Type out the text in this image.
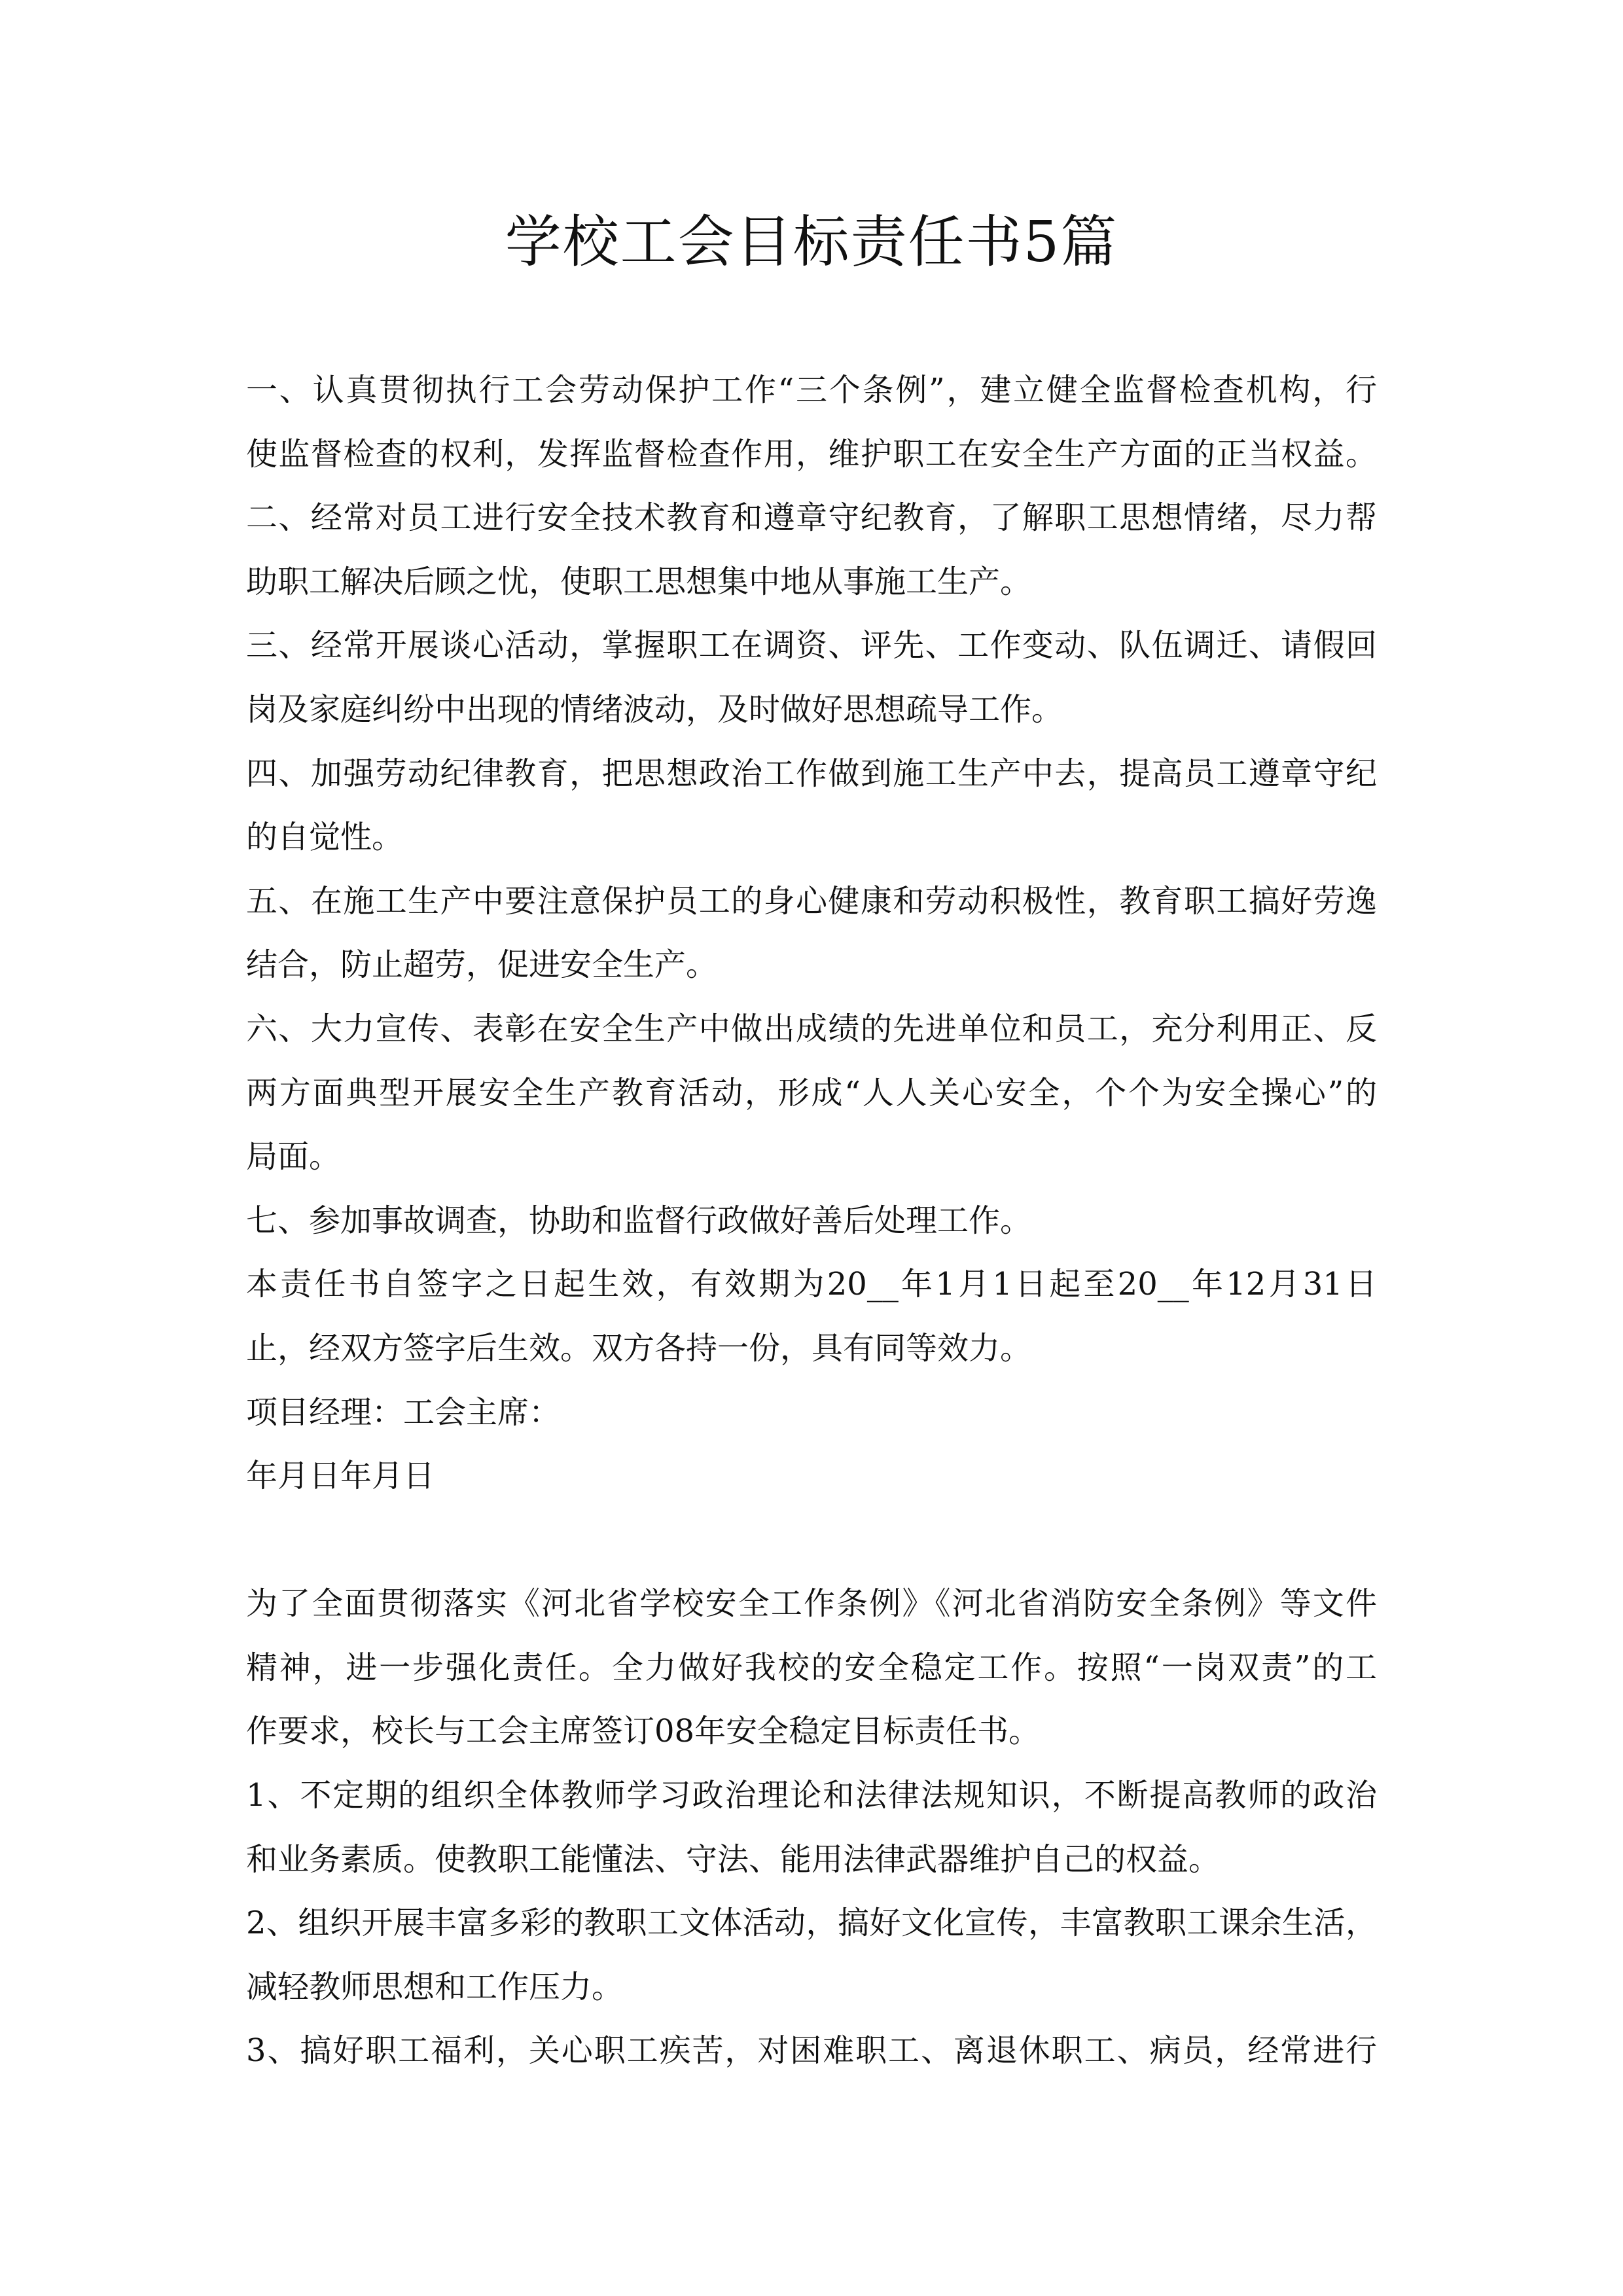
学校工会目标责任书5篇
一、认真贯彻执行工会劳动保护工作“三个条例”，建立健全监督检查机构，行
使监督检查的权利，发挥监督检查作用，维护职工在安全生产方面的正当权益。
二、经常对员工进行安全技术教育和遵章守纪教育，了解职工思想情绪，尽力帮
助职工解决后顾之忧，使职工思想集中地从事施工生产。
三、经常开展谈心活动，掌握职工在调资、评先、工作变动、队伍调迁、请假回
岗及家庭纠纷中出现的情绪波动，及时做好思想疏导工作。
四、加强劳动纪律教育，把思想政治工作做到施工生产中去，提高员工遵章守纪
的自觉性。
五、在施工生产中要注意保护员工的身心健康和劳动积极性，教育职工搞好劳逸
结合，防止超劳，促进安全生产。
六、大力宣传、表彰在安全生产中做出成绩的先进单位和员工，充分利用正、反
两方面典型开展安全生产教育活动，形成“人人关心安全，个个为安全操心”的
局面。
七、参加事故调查，协助和监督行政做好善后处理工作。
本责任书自签字之日起生效，有效期为20__年1月1日起至20__年12月31日
止，经双方签字后生效。双方各持一份，具有同等效力。
项目经理：工会主席：
年月日年月日
为了全面贯彻落实《河北省学校安全工作条例》《河北省消防安全条例》等文件
精神，进一步强化责任。全力做好我校的安全稳定工作。按照“一岗双责”的工
作要求，校长与工会主席签订08年安全稳定目标责任书。
1、不定期的组织全体教师学习政治理论和法律法规知识，不断提高教师的政治
和业务素质。使教职工能懂法、守法、能用法律武器维护自己的权益。
2、组织开展丰富多彩的教职工文体活动，搞好文化宣传，丰富教职工课余生活，
减轻教师思想和工作压力。
3、搞好职工福利，关心职工疾苦，对困难职工、离退休职工、病员，经常进行
